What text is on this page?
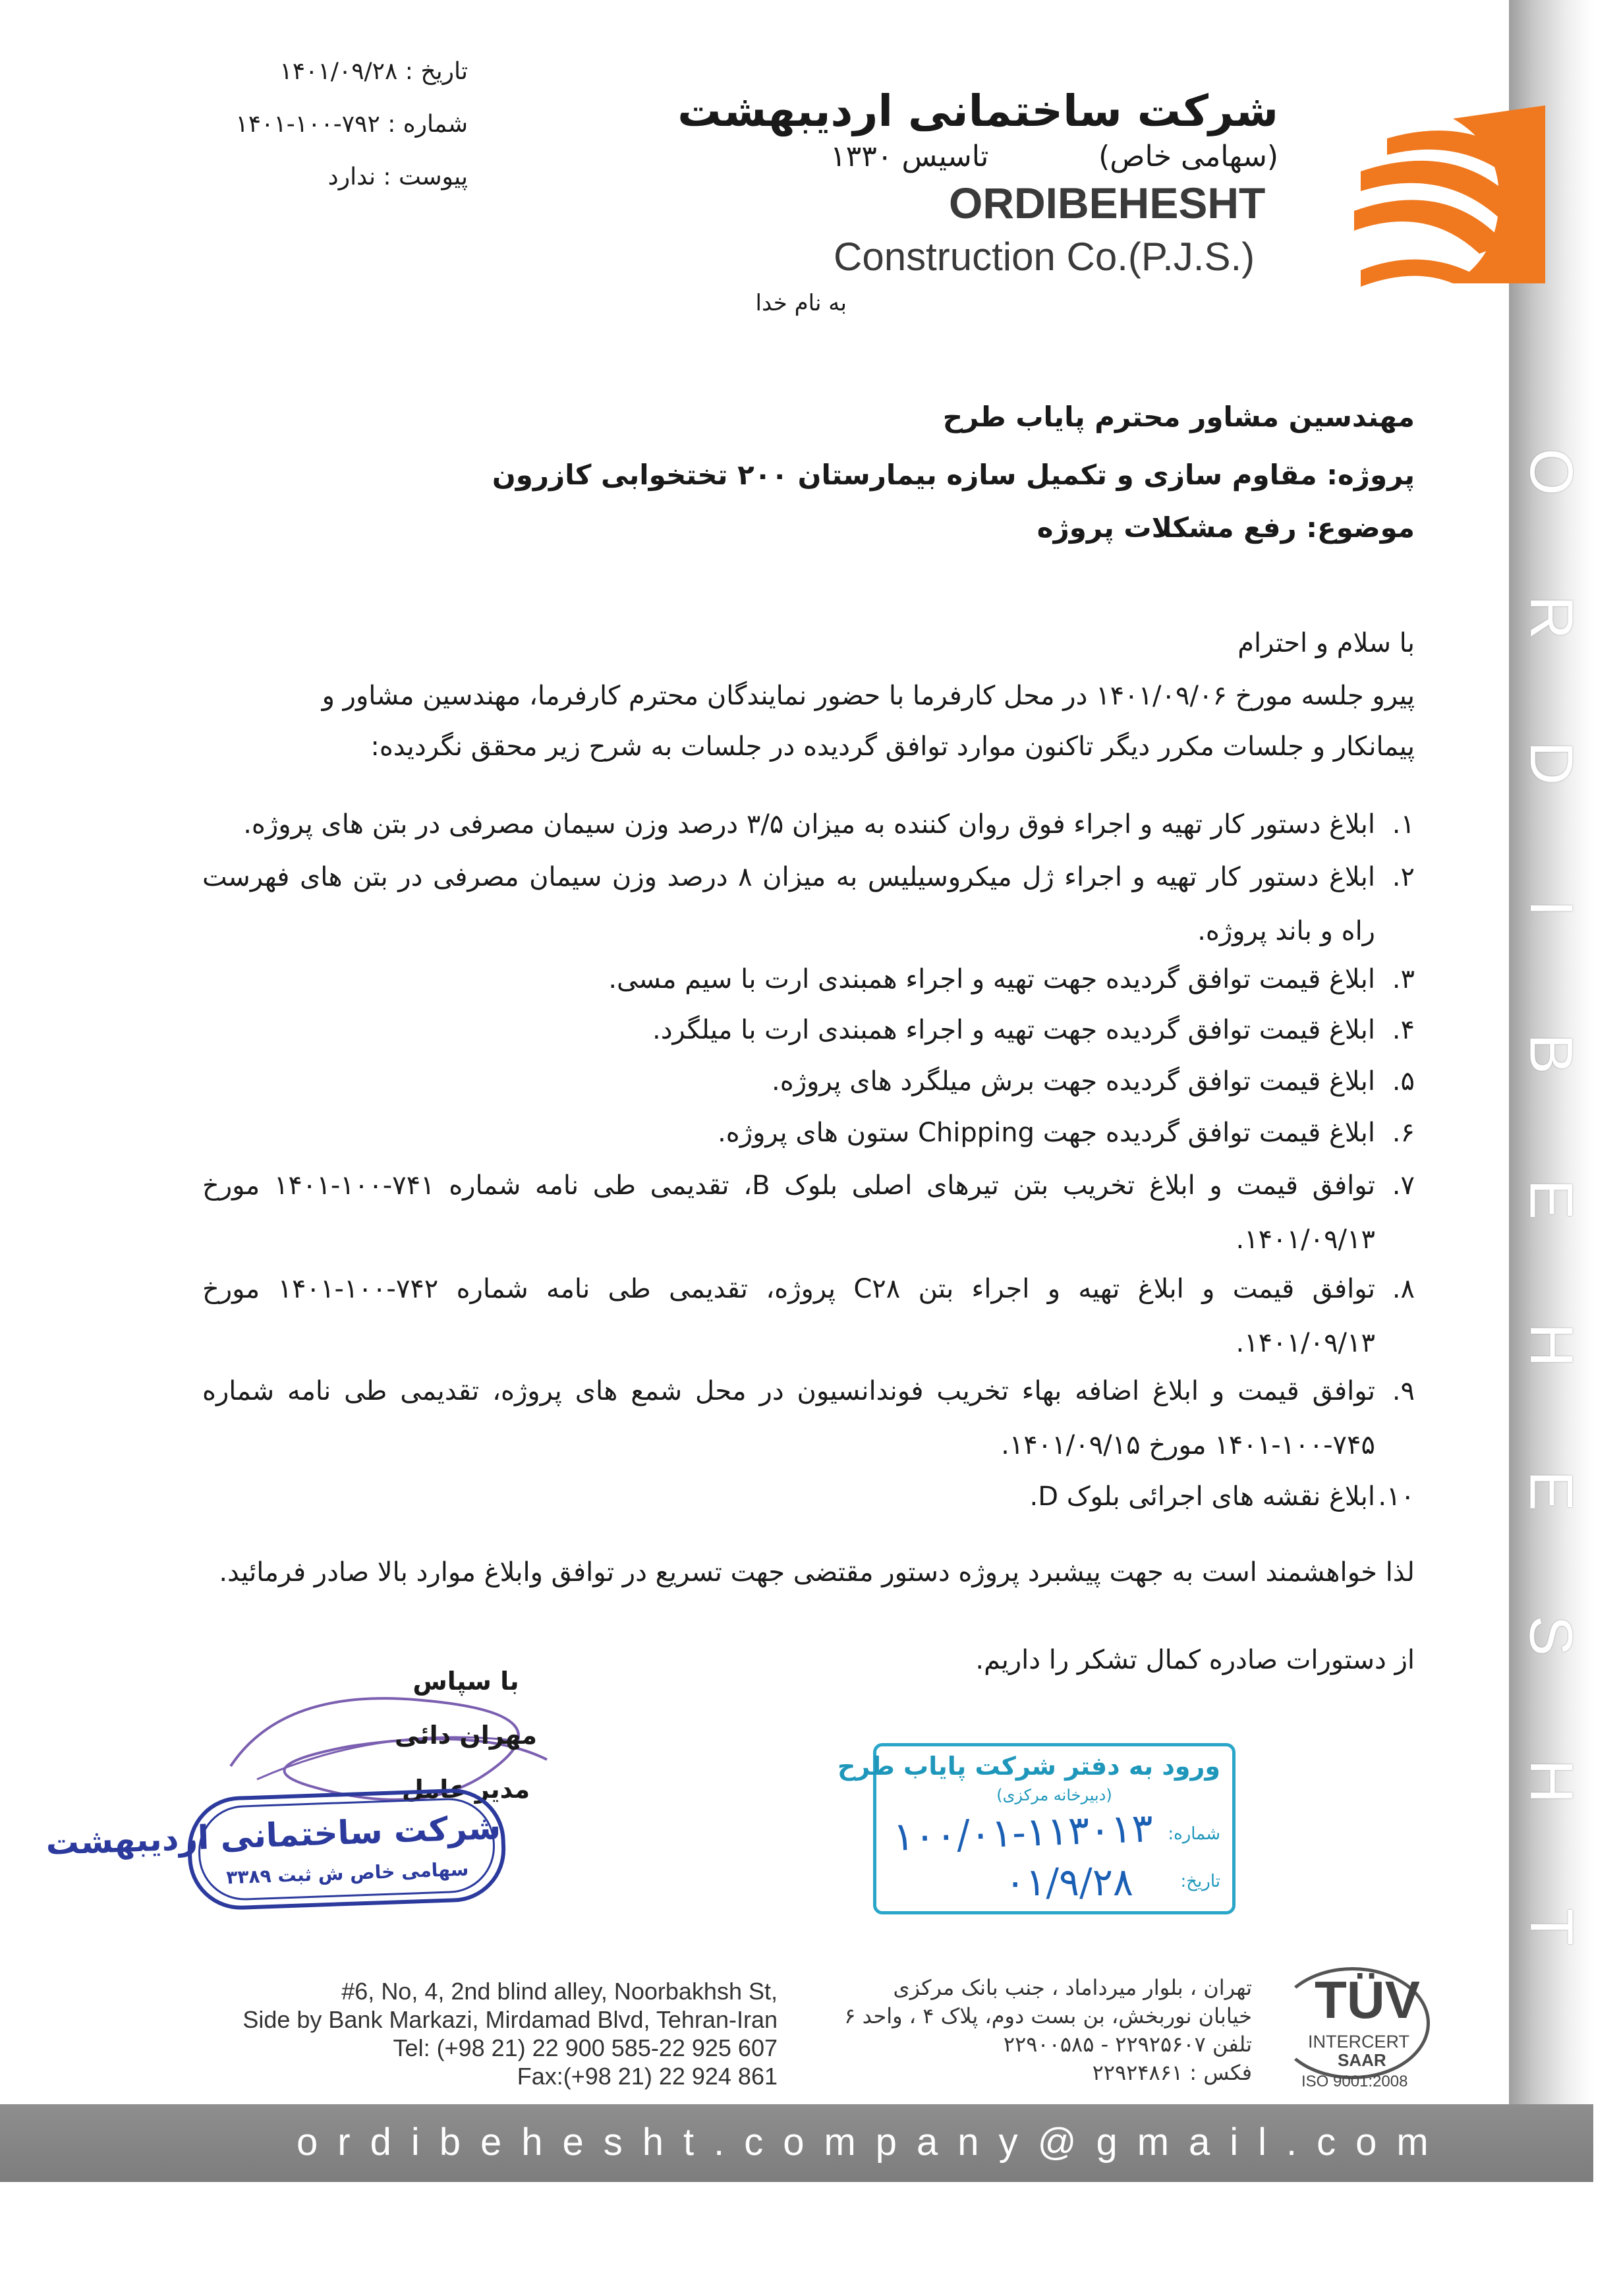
O
R
D
I
B
E
H
E
S
H
T
تاریخ : ۱۴۰۱/۰۹/۲۸
شماره : ۷۹۲-۱۰۰-۱۴۰۱
پیوست : ندارد
شرکت ساختمانی اردیبهشت
(سهامی خاص)
تاسیس ۱۳۳۰
ORDIBEHESHT
Construction Co.(P.J.S.)
به نام خدا
مهندسین مشاور محترم پایاب طرح
پروژه: مقاوم سازی و تکمیل سازه بیمارستان ۲۰۰ تختخوابی کازرون
موضوع: رفع مشکلات پروژه
با سلام و احترام
پیرو جلسه مورخ ۱۴۰۱/۰۹/۰۶ در محل کارفرما با حضور نمایندگان محترم کارفرما، مهندسین مشاور و
پیمانکار و جلسات مکرر دیگر تاکنون موارد توافق گردیده در جلسات به شرح زیر محقق نگردیده:
۱.
ابلاغ دستور کار تهیه و اجراء فوق روان کننده به میزان ۳/۵ درصد وزن سیمان مصرفی در بتن های پروژه.
۲.
ابلاغ دستور کار تهیه و اجراء ژل میکروسیلیس به میزان ۸ درصد وزن سیمان مصرفی در بتن های فهرست راه و باند پروژه.
۳.
ابلاغ قیمت توافق گردیده جهت تهیه و اجراء همبندی ارت با سیم مسی.
۴.
ابلاغ قیمت توافق گردیده جهت تهیه و اجراء همبندی ارت با میلگرد.
۵.
ابلاغ قیمت توافق گردیده جهت برش میلگرد های پروژه.
۶.
ابلاغ قیمت توافق گردیده جهت Chipping ستون های پروژه.
۷.
توافق قیمت و ابلاغ تخریب بتن تیرهای اصلی بلوک B، تقدیمی طی نامه شماره ۷۴۱-۱۰۰-۱۴۰۱ مورخ ۱۴۰۱/۰۹/۱۳.
۸.
توافق قیمت و ابلاغ تهیه و اجراء بتن C۲۸ پروژه، تقدیمی طی نامه شماره ۷۴۲-۱۰۰-۱۴۰۱ مورخ ۱۴۰۱/۰۹/۱۳.
۹.
توافق قیمت و ابلاغ اضافه بهاء تخریب فوندانسیون در محل شمع های پروژه، تقدیمی طی نامه شماره ۷۴۵-۱۰۰-۱۴۰۱ مورخ ۱۴۰۱/۰۹/۱۵.
۱۰.
ابلاغ نقشه های اجرائی بلوک D.
لذا خواهشمند است به جهت پیشبرد پروژه دستور مقتضی جهت تسریع در توافق وابلاغ موارد بالا صادر فرمائید.
از دستورات صادره کمال تشکر را داریم.
با سپاس
مهران دائی
مدیر عامل
شرکت ساختمانی اردیبهشت
سهامی خاص ش ثبت ۳۳۸۹
ورود به دفتر شرکت پایاب طرح
(دبیرخانه مرکزی)
شماره:
۱۰۰/۰۱-۱۱۳۰۱۳
تاریخ:
۰۱/۹/۲۸
#6, No, 4, 2nd blind alley, Noorbakhsh St,
Side by Bank Markazi, Mirdamad Blvd, Tehran-Iran
Tel: (+98 21) 22 900 585-22 925 607
Fax:(+98 21) 22 924 861
تهران ، بلوار میرداماد ، جنب بانک مرکزی
خیابان نوربخش، بن بست دوم، پلاک ۴ ، واحد ۶
تلفن ۲۲۹۲۵۶۰۷ - ۲۲۹۰۰۵۸۵
فکس : ۲۲۹۲۴۸۶۱
TÜV
INTERCERT
SAAR
ISO 9001:2008
ordibehesht.company@gmail.com
